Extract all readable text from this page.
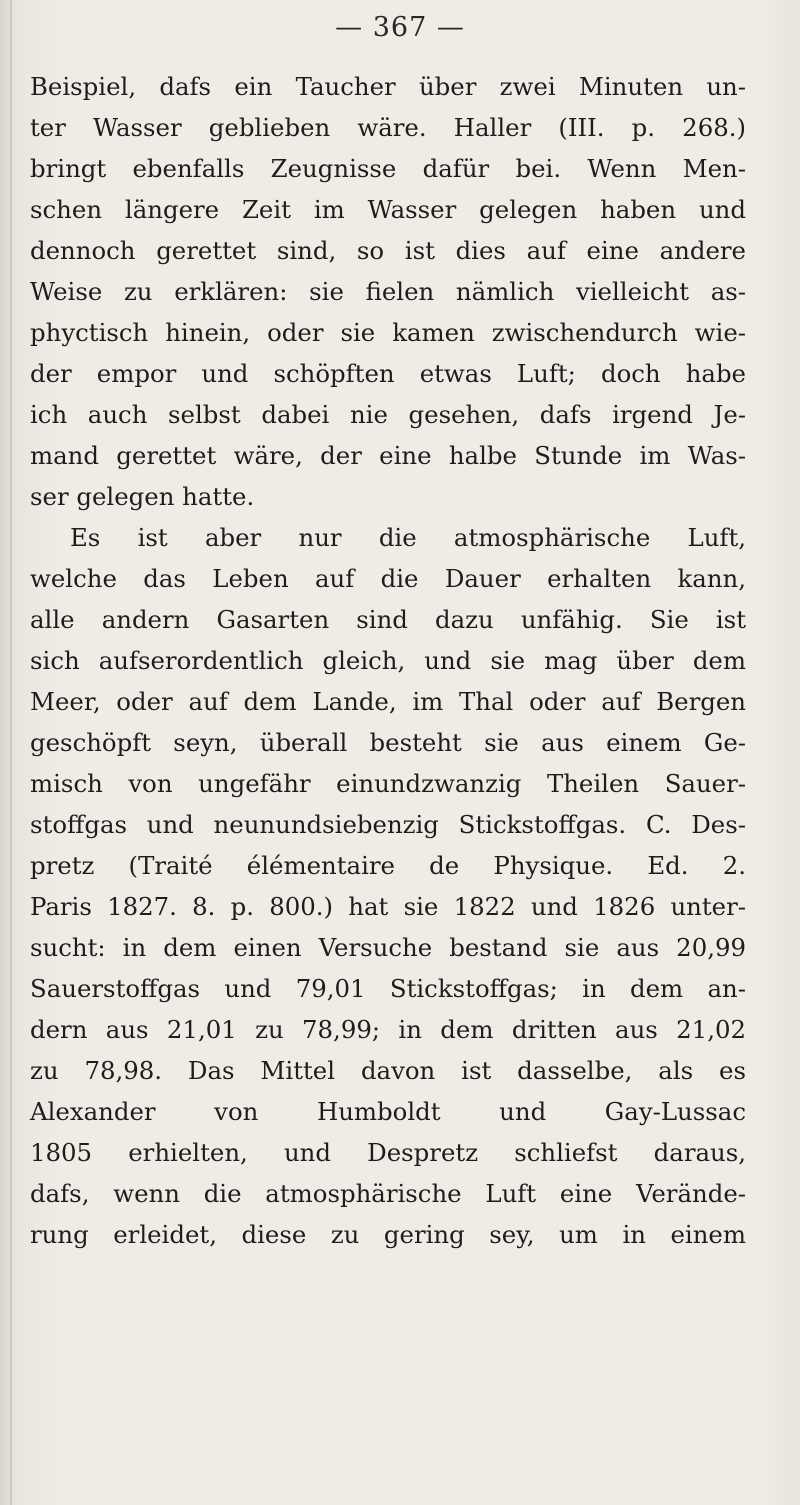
— 367 —
Beispiel, dafs ein Taucher über zwei Minuten un-
ter Wasser geblieben wäre. Haller (III. p. 268.)
bringt ebenfalls Zeugnisse dafür bei. Wenn Men-
schen längere Zeit im Wasser gelegen haben und
dennoch gerettet sind, so ist dies auf eine andere
Weise zu erklären: sie fielen nämlich vielleicht as-
phyctisch hinein, oder sie kamen zwischendurch wie-
der empor und schöpften etwas Luft; doch habe
ich auch selbst dabei nie gesehen, dafs irgend Je-
mand gerettet wäre, der eine halbe Stunde im Was-
ser gelegen hatte.
Es ist aber nur die atmosphärische Luft,
welche das Leben auf die Dauer erhalten kann,
alle andern Gasarten sind dazu unfähig. Sie ist
sich aufserordentlich gleich, und sie mag über dem
Meer, oder auf dem Lande, im Thal oder auf Bergen
geschöpft seyn, überall besteht sie aus einem Ge-
misch von ungefähr einundzwanzig Theilen Sauer-
stoffgas und neunundsiebenzig Stickstoffgas. C. Des-
pretz (Traité élémentaire de Physique. Ed. 2.
Paris 1827. 8. p. 800.) hat sie 1822 und 1826 unter-
sucht: in dem einen Versuche bestand sie aus 20,99
Sauerstoffgas und 79,01 Stickstoffgas; in dem an-
dern aus 21,01 zu 78,99; in dem dritten aus 21,02
zu 78,98. Das Mittel davon ist dasselbe, als es
Alexander von Humboldt und Gay-Lussac
1805 erhielten, und Despretz schliefst daraus,
dafs, wenn die atmosphärische Luft eine Verände-
rung erleidet, diese zu gering sey, um in einem
